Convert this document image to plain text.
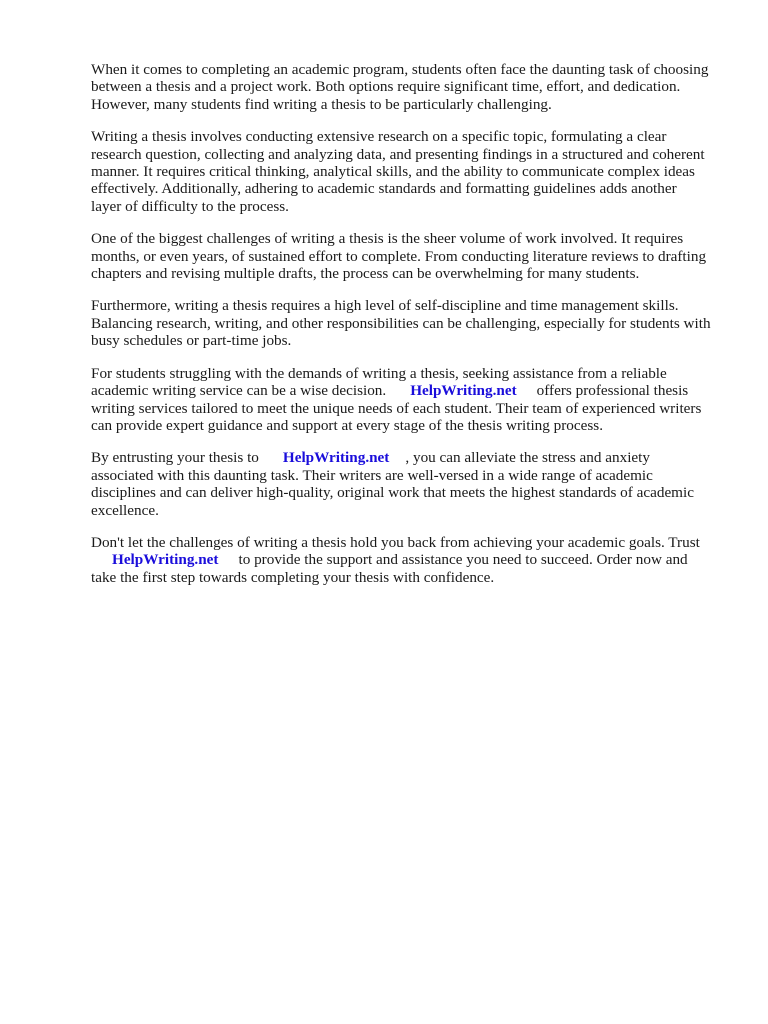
When it comes to completing an academic program, students often face the daunting task of choosing
between a thesis and a project work. Both options require significant time, effort, and dedication.
However, many students find writing a thesis to be particularly challenging.

Writing a thesis involves conducting extensive research on a specific topic, formulating a clear
research question, collecting and analyzing data, and presenting findings in a structured and coherent
manner. It requires critical thinking, analytical skills, and the ability to communicate complex ideas
effectively. Additionally, adhering to academic standards and formatting guidelines adds another
layer of difficulty to the process.

One of the biggest challenges of writing a thesis is the sheer volume of work involved. It requires
months, or even years, of sustained effort to complete. From conducting literature reviews to drafting
chapters and revising multiple drafts, the process can be overwhelming for many students.

Furthermore, writing a thesis requires a high level of self-discipline and time management skills.
Balancing research, writing, and other responsibilities can be challenging, especially for students with
busy schedules or part-time jobs.

For students struggling with the demands of writing a thesis, seeking assistance from a reliable
academic writing service can be a wise decision. HelpWriting.net offers professional thesis
writing services tailored to meet the unique needs of each student. Their team of experienced writers
can provide expert guidance and support at every stage of the thesis writing process.

By entrusting your thesis to HelpWriting.net , you can alleviate the stress and anxiety
associated with this daunting task. Their writers are well-versed in a wide range of academic
disciplines and can deliver high-quality, original work that meets the highest standards of academic
excellence.

Don't let the challenges of writing a thesis hold you back from achieving your academic goals. Trust
HelpWriting.net to provide the support and assistance you need to succeed. Order now and
take the first step towards completing your thesis with confidence.
